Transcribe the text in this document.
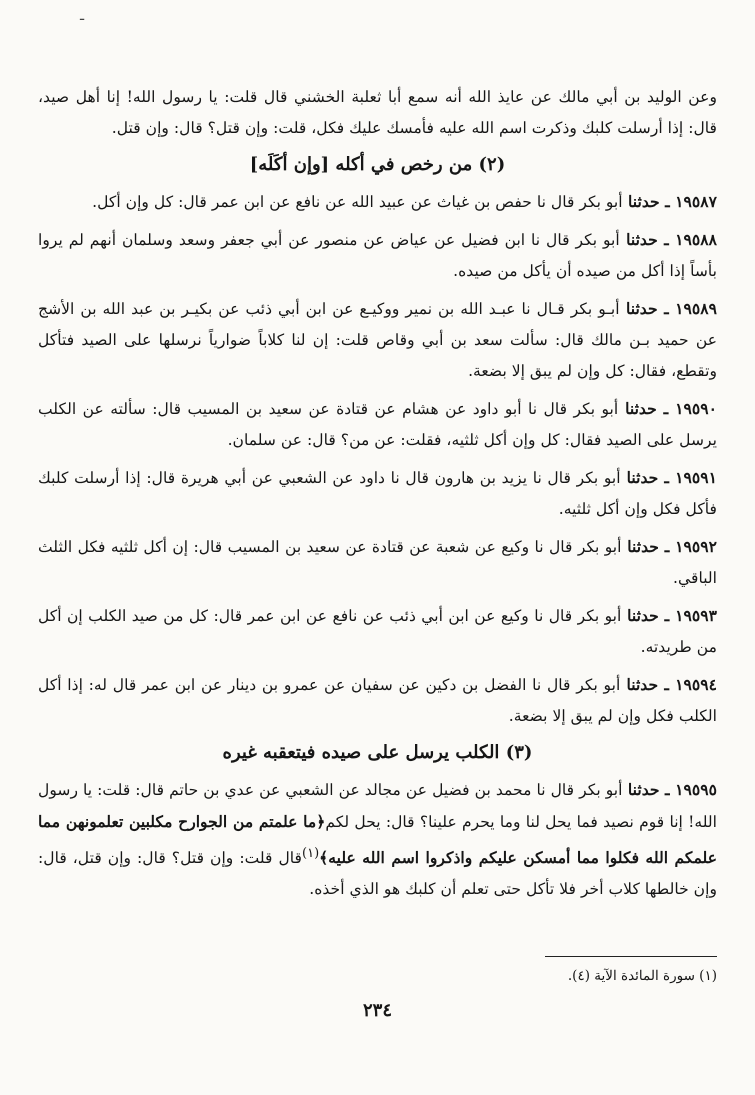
ـ

وعن الوليد بن أبي مالك عن عايذ الله أنه سمع أبا ثعلبة الخشني قال قلت: يا رسول الله! إنا أهل صيد، قال: إذا أرسلت كلبك وذكرت اسم الله عليه فأمسك عليك فكل، قلت: وإن قتل؟ قال: وإن قتل.

(٢) من رخص في أكله [وإن أكَلَه]

١٩٥٨٧ ـ حدثنا أبو بكر قال نا حفص بن غياث عن عبيد الله عن نافع عن ابن عمر قال: كل وإن أكل.

١٩٥٨٨ ـ حدثنا أبو بكر قال نا ابن فضيل عن عياض عن منصور عن أبي جعفر وسعد وسلمان أنهم لم يروا بأساً إذا أكل من صيده أن يأكل من صيده.

١٩٥٨٩ ـ حدثنا أبـو بكر قـال نا عبـد الله بن نمير ووكيـع عن ابن أبي ذئب عن بكيـر بن عبد الله بن الأشج عن حميد بـن مالك قال: سألت سعد بن أبي وقاص قلت: إن لنا كلاباً ضوارياً نرسلها على الصيد فتأكل وتقطع، فقال: كل وإن لم يبق إلا بضعة.

١٩٥٩٠ ـ حدثنا أبو بكر قال نا أبو داود عن هشام عن قتادة عن سعيد بن المسيب قال: سألته عن الكلب يرسل على الصيد فقال: كل وإن أكل ثلثيه، فقلت: عن من؟ قال: عن سلمان.

١٩٥٩١ ـ حدثنا أبو بكر قال نا يزيد بن هارون قال نا داود عن الشعبي عن أبي هريرة قال: إذا أرسلت كلبك فأكل فكل وإن أكل ثلثيه.

١٩٥٩٢ ـ حدثنا أبو بكر قال نا وكيع عن شعبة عن قتادة عن سعيد بن المسيب قال: إن أكل ثلثيه فكل الثلث الباقي.

١٩٥٩٣ ـ حدثنا أبو بكر قال نا وكيع عن ابن أبي ذئب عن نافع عن ابن عمر قال: كل من صيد الكلب إن أكل من طريدته.

١٩٥٩٤ ـ حدثنا أبو بكر قال نا الفضل بن دكين عن سفيان عن عمرو بن دينار عن ابن عمر قال له: إذا أكل الكلب فكل وإن لم يبق إلا بضعة.

(٣) الكلب يرسل على صيده فيتعقبه غيره

١٩٥٩٥ ـ حدثنا أبو بكر قال نا محمد بن فضيل عن مجالد عن الشعبي عن عدي بن حاتم قال: قلت: يا رسول الله! إنا قوم نصيد فما يحل لنا وما يحرم علينا؟ قال: يحل لكم﴿ما علمتم من الجوارح مكلبين تعلمونهن مما علمكم الله فكلوا مما أمسكن عليكم واذكروا اسم الله عليه﴾$^{(١)}$قال قلت: وإن قتل؟ قال: وإن قتل، قال: وإن خالطها كلاب أخر فلا تأكل حتى تعلم أن كلبك هو الذي أخذه.

(١) سورة المائدة الآية (٤).
٢٣٤
